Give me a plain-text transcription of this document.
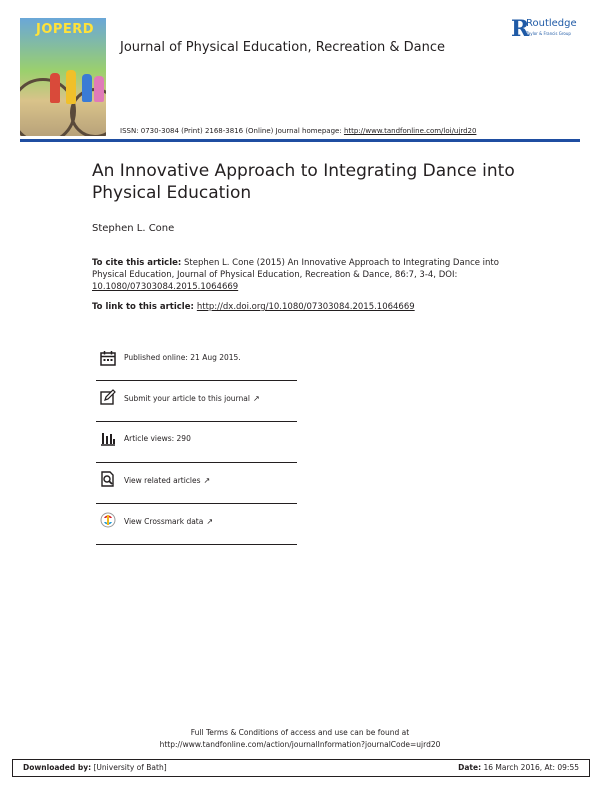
JOPERD
Journal of Physical Education, Recreation & Dance
ISSN: 0730-3084 (Print) 2168-3816 (Online) Journal homepage: http://www.tandfonline.com/loi/ujrd20
R
Routledge
Taylor & Francis Group
An Innovative Approach to Integrating Dance into Physical Education
Stephen L. Cone
To cite this article: Stephen L. Cone (2015) An Innovative Approach to Integrating Dance into Physical Education, Journal of Physical Education, Recreation & Dance, 86:7, 3-4, DOI: 10.1080/07303084.2015.1064669
To link to this article: http://dx.doi.org/10.1080/07303084.2015.1064669
Published online: 21 Aug 2015.
Submit your article to this journal ↗
Article views: 290
View related articles ↗
View Crossmark data ↗
Full Terms & Conditions of access and use can be found at
http://www.tandfonline.com/action/journalInformation?journalCode=ujrd20
Downloaded by: [University of Bath]	Date: 16 March 2016, At: 09:55
